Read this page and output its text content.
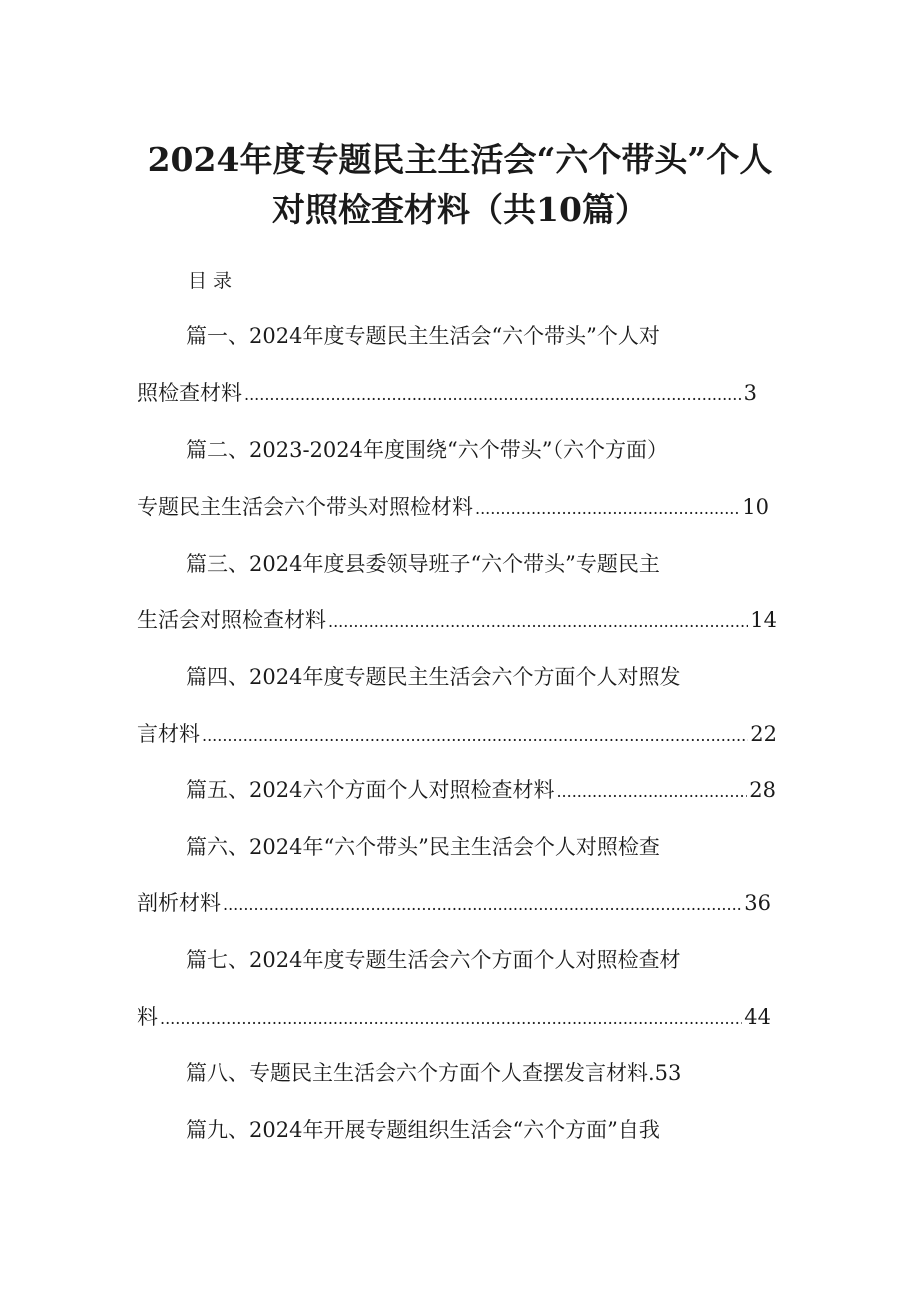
2024年度专题民主生活会“六个带头”个人
对照检查材料（共10篇）
目录
篇一、2024年度专题民主生活会“六个带头”个人对
照检查材料 .....	3
篇二、2023-2024年度围绕“六个带头”（六个方面）
专题民主生活会六个带头对照检材料 .....	10
篇三、2024年度县委领导班子“六个带头”专题民主
生活会对照检查材料 .....	14
篇四、2024年度专题民主生活会六个方面个人对照发
言材料 .....	22
篇五、2024六个方面个人对照检查材料 .....	28
篇六、2024年“六个带头”民主生活会个人对照检查
剖析材料 .....	36
篇七、2024年度专题生活会六个方面个人对照检查材
料 .....	44
篇八、专题民主生活会六个方面个人查摆发言材料.53
篇九、2024年开展专题组织生活会“六个方面”自我
